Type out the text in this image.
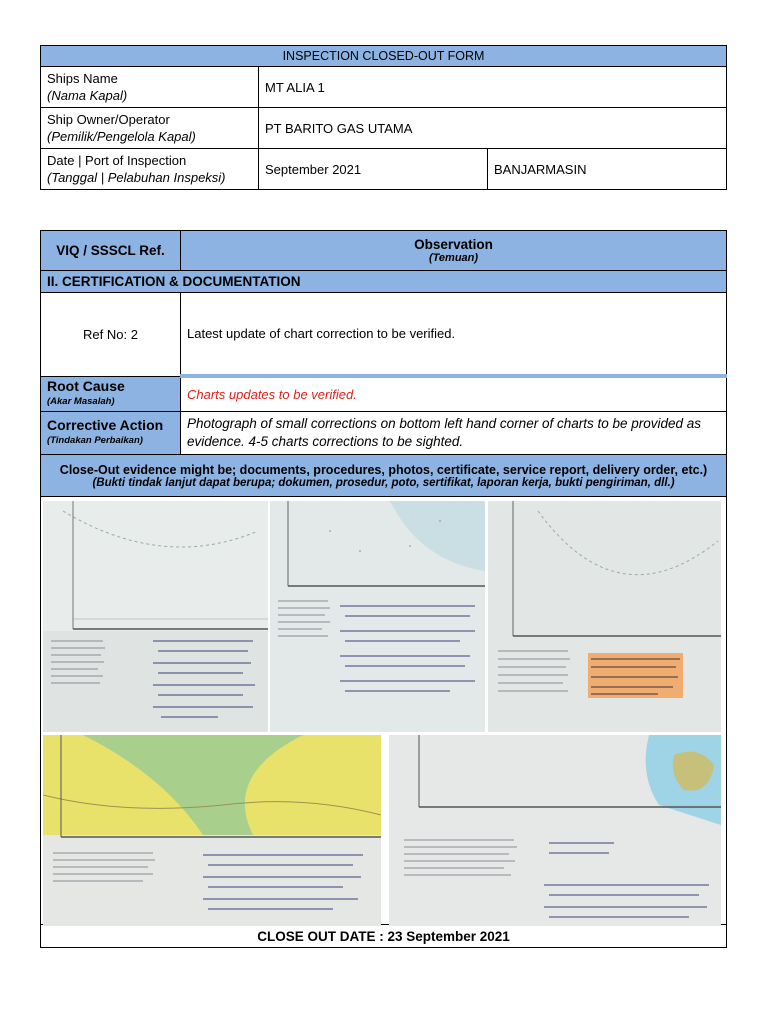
INSPECTION CLOSED-OUT FORM		
Ships Name
(Nama Kapal)	MT ALIA 1	
Ship Owner/Operator
(Pemilik/Pengelola Kapal)	PT BARITO GAS UTAMA	
Date | Port of Inspection
(Tanggal | Pelabuhan Inspeksi)	September 2021	BANJARMASIN
VIQ / SSSCL Ref.	Observation
(Temuan)

II. CERTIFICATION & DOCUMENTATION	
Ref No: 2	Latest update of chart correction to be verified.
Root Cause
(Akar Masalah)	Charts updates to be verified.
Corrective Action
(Tindakan Perbaikan)	Photograph of small corrections on bottom left hand corner of charts to be provided as evidence. 4-5 charts corrections to be sighted.
Close-Out evidence might be; documents, procedures, photos, certificate, service report, delivery order, etc.)
(Bukti tindak lanjut dapat berupa; dokumen, prosedur, poto, sertifikat, laporan kerja, bukti pengiriman, dll.)	

CLOSE OUT DATE : 23 September 2021	
